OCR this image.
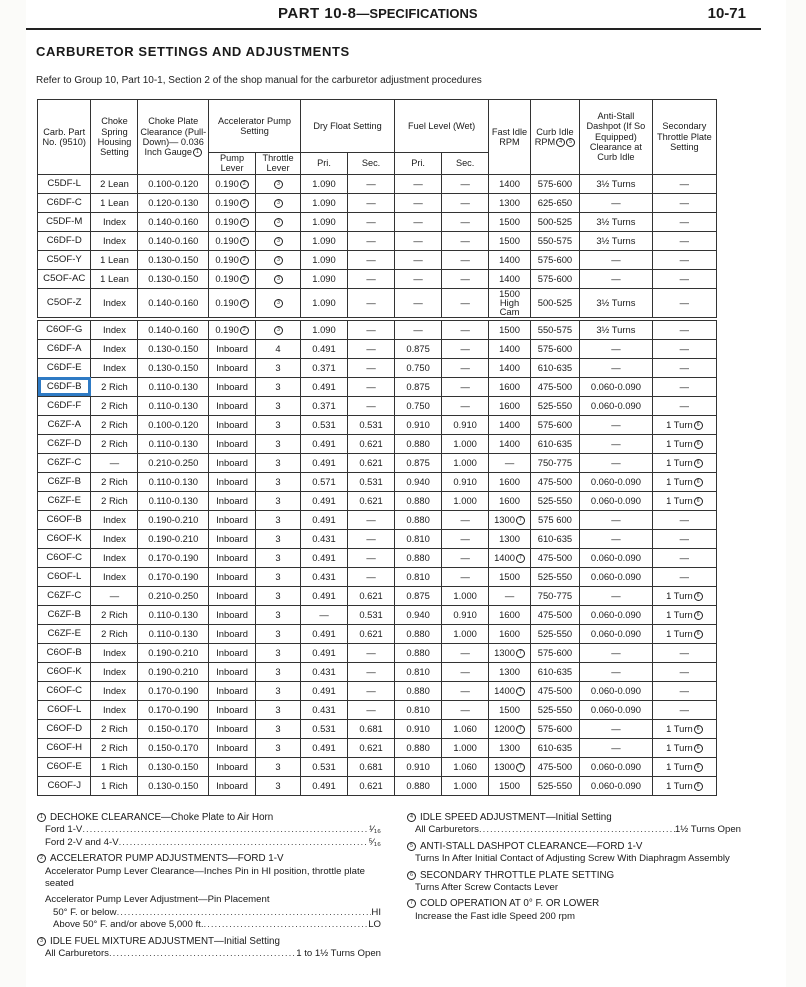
PART 10-8—SPECIFICATIONS	10-71
CARBURETOR SETTINGS AND ADJUSTMENTS
Refer to Group 10, Part 10-1, Section 2 of the shop manual for the carburetor adjustment procedures
Carb. Part No. (9510)	Choke Spring Housing Setting	Choke Plate Clearance (Pull-Down)— 0.036 Inch Gauge 1	Accelerator Pump Setting		Dry Float Setting		Fuel Level (Wet)		Fast Idle RPM	Curb Idle RPM 4 5	Anti-Stall Dashpot (If So Equipped) Clearance at Curb Idle	Secondary Throttle Plate Setting
			Pump Lever	Throttle Lever	Pri.	Sec.	Pri.	Sec.				
C5DF-L	2 Lean	0.100-0.120	0.190 2	3	1.090	—	—	—	1400	575-600	3½ Turns	—
C6DF-C	1 Lean	0.120-0.130	0.190 2	3	1.090	—	—	—	1300	625-650	—	—
C5DF-M	Index	0.140-0.160	0.190 2	3	1.090	—	—	—	1500	500-525	3½ Turns	—
C6DF-D	Index	0.140-0.160	0.190 2	3	1.090	—	—	—	1500	550-575	3½ Turns	—
C5OF-Y	1 Lean	0.130-0.150	0.190 2	3	1.090	—	—	—	1400	575-600	—	—
C5OF-AC	1 Lean	0.130-0.150	0.190 2	3	1.090	—	—	—	1400	575-600	—	—
C5OF-Z	Index	0.140-0.160	0.190 2	3	1.090	—	—	—	1500 High Cam	500-525	3½ Turns	—
C6OF-G	Index	0.140-0.160	0.190 2	3	1.090	—	—	—	1500	550-575	3½ Turns	—
C6DF-A	Index	0.130-0.150	Inboard	4	0.491	—	0.875	—	1400	575-600	—	—
C6DF-E	Index	0.130-0.150	Inboard	3	0.371	—	0.750	—	1400	610-635	—	—
C6DF-B	2 Rich	0.110-0.130	Inboard	3	0.491	—	0.875	—	1600	475-500	0.060-0.090	—
C6DF-F	2 Rich	0.110-0.130	Inboard	3	0.371	—	0.750	—	1600	525-550	0.060-0.090	—
C6ZF-A	2 Rich	0.100-0.120	Inboard	3	0.531	0.531	0.910	0.910	1400	575-600	—	1 Turn 6
C6ZF-D	2 Rich	0.110-0.130	Inboard	3	0.491	0.621	0.880	1.000	1400	610-635	—	1 Turn 6
C6ZF-C	—	0.210-0.250	Inboard	3	0.491	0.621	0.875	1.000	—	750-775	—	1 Turn 6
C6ZF-B	2 Rich	0.110-0.130	Inboard	3	0.571	0.531	0.940	0.910	1600	475-500	0.060-0.090	1 Turn 6
C6ZF-E	2 Rich	0.110-0.130	Inboard	3	0.491	0.621	0.880	1.000	1600	525-550	0.060-0.090	1 Turn 6
C6OF-B	Index	0.190-0.210	Inboard	3	0.491	—	0.880	—	1300 7	575 600	—	—
C6OF-K	Index	0.190-0.210	Inboard	3	0.431	—	0.810	—	1300	610-635	—	—
C6OF-C	Index	0.170-0.190	Inboard	3	0.491	—	0.880	—	1400 7	475-500	0.060-0.090	—
C6OF-L	Index	0.170-0.190	Inboard	3	0.431	—	0.810	—	1500	525-550	0.060-0.090	—
C6ZF-C	—	0.210-0.250	Inboard	3	0.491	0.621	0.875	1.000	—	750-775	—	1 Turn 6
C6ZF-B	2 Rich	0.110-0.130	Inboard	3	—	0.531	0.940	0.910	1600	475-500	0.060-0.090	1 Turn 6
C6ZF-E	2 Rich	0.110-0.130	Inboard	3	0.491	0.621	0.880	1.000	1600	525-550	0.060-0.090	1 Turn 6
C6OF-B	Index	0.190-0.210	Inboard	3	0.491	—	0.880	—	1300 7	575-600	—	—
C6OF-K	Index	0.190-0.210	Inboard	3	0.431	—	0.810	—	1300	610-635	—	—
C6OF-C	Index	0.170-0.190	Inboard	3	0.491	—	0.880	—	1400 7	475-500	0.060-0.090	—
C6OF-L	Index	0.170-0.190	Inboard	3	0.431	—	0.810	—	1500	525-550	0.060-0.090	—
C6OF-D	2 Rich	0.150-0.170	Inboard	3	0.531	0.681	0.910	1.060	1200 7	575-600	—	1 Turn 6
C6OF-H	2 Rich	0.150-0.170	Inboard	3	0.491	0.621	0.880	1.000	1300	610-635	—	1 Turn 6
C6OF-E	1 Rich	0.130-0.150	Inboard	3	0.531	0.681	0.910	1.060	1300 7	475-500	0.060-0.090	1 Turn 6
C6OF-J	1 Rich	0.130-0.150	Inboard	3	0.491	0.621	0.880	1.000	1500	525-550	0.060-0.090	1 Turn 6
1 DECHOKE CLEARANCE—Choke Plate to Air Horn
Ford 1-V .....	¹⁄₁₆
Ford 2-V and 4-V .....	⁵⁄₁₆
2 ACCELERATOR PUMP ADJUSTMENTS—FORD 1-V
Accelerator Pump Lever Clearance—Inches Pin in HI position, throttle plate seated
Accelerator Pump Lever Adjustment—Pin Placement
50° F. or below .....	HI
Above 50° F. and/or above 5,000 ft. .....	LO
3 IDLE FUEL MIXTURE ADJUSTMENT—Initial Setting
All Carburetors .....	1 to 1½ Turns Open
4 IDLE SPEED ADJUSTMENT—Initial Setting
All Carburetors .....	1½ Turns Open
5 ANTI-STALL DASHPOT CLEARANCE—FORD 1-V
Turns In After Initial Contact of Adjusting Screw With Diaphragm Assembly
6 SECONDARY THROTTLE PLATE SETTING
Turns After Screw Contacts Lever
7 COLD OPERATION AT 0° F. OR LOWER
Increase the Fast idle Speed 200 rpm
